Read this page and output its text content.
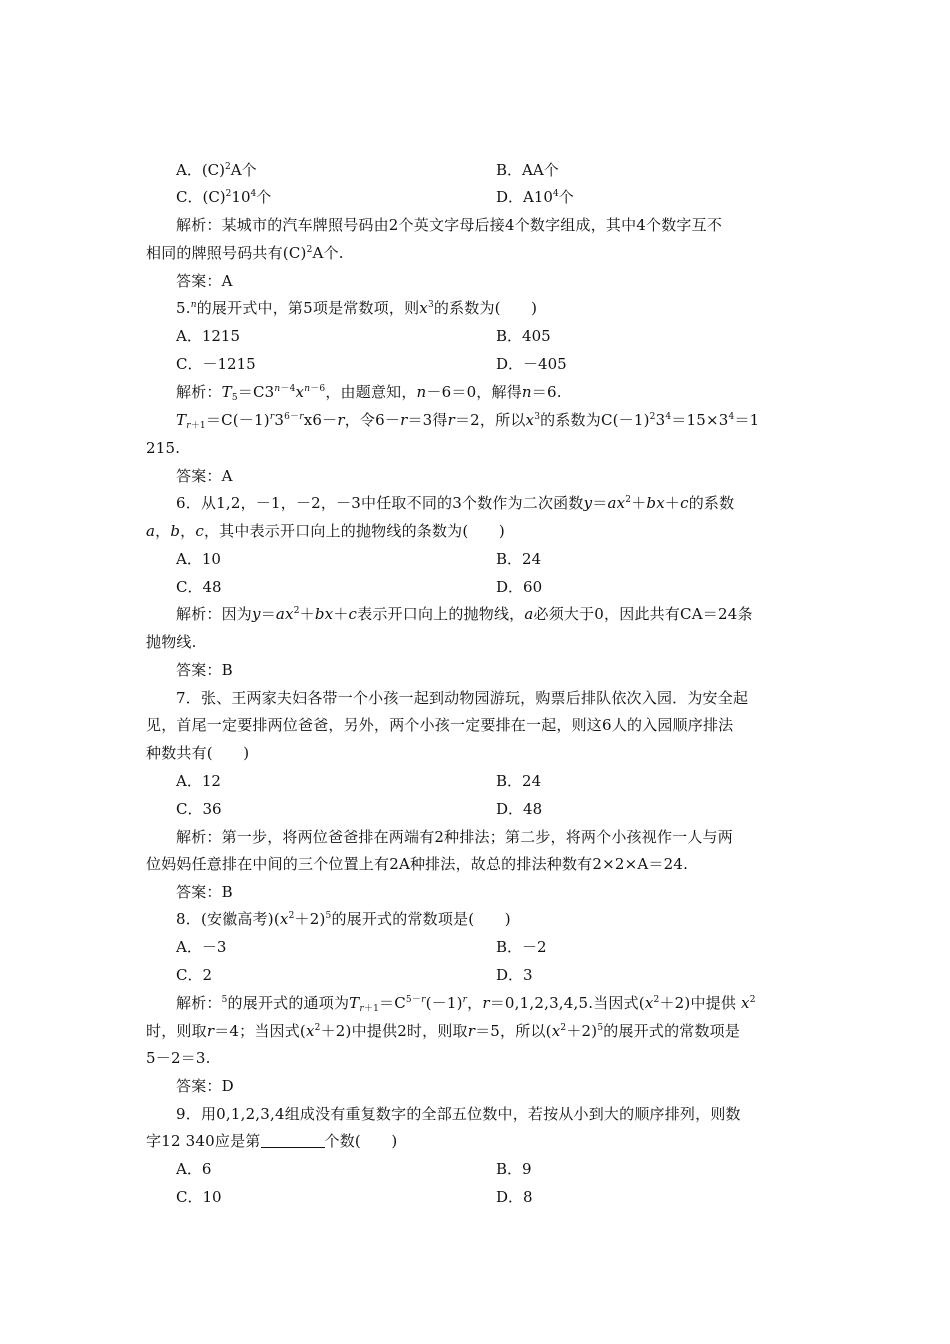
A．$(C)^2A$个	B．AA个
C．$(C)^210^4$个	D．$A10^4$个
解析：某城市的汽车牌照号码由2个英文字母后接4个数字组成，其中4个数字互不
相同的牌照号码共有$(C)^2A$个.
答案：A
5.$^n$的展开式中，第5项是常数项，则$x^3$的系数为(　　)
A．1215	B．405
C．－1215	D．－405
解析：$T_5=C3^{n-4}x^{n-6}$，由题意知，n－6＝0，解得n＝6.
$T_{r+1}=C(-1)^r3^{6-r}x6-r$，令6－r＝3得r＝2，所以$x^3$的系数为$C(-1)^23^4=15\times 3^4=1$
215.
答案：A
6．从1,2，－1，－2，－3中任取不同的3个数作为二次函数$y=ax^2+bx+c$的系数
a，b，c，其中表示开口向上的抛物线的条数为(　　)
A．10	B．24
C．48	D．60
解析：因为$y=ax^2+bx+c$表示开口向上的抛物线，a必须大于0，因此共有CA＝24条
抛物线.
答案：B
7．张、王两家夫妇各带一个小孩一起到动物园游玩，购票后排队依次入园．为安全起
见，首尾一定要排两位爸爸，另外，两个小孩一定要排在一起，则这6人的入园顺序排法
种数共有(　　)
A．12	B．24
C．36	D．48
解析：第一步，将两位爸爸排在两端有2种排法；第二步，将两个小孩视作一人与两
位妈妈任意排在中间的三个位置上有2A种排法，故总的排法种数有2×2×A＝24.
答案：B
8．(安徽高考)$(x^2+2)^5$的展开式的常数项是(　　)
A．－3	B．－2
C．2	D．3
解析：$^5$的展开式的通项为$T_{r+1}=C^{5-r}(-1)^r$，r＝0,1,2,3,4,5.当因式$(x^2+2)$中提供 $x^2$
时，则取r＝4；当因式$(x^2+2)$中提供2时，则取r＝5，所以$(x^2+2)^5$的展开式的常数项是
5－2＝3.
答案：D
9．用0,1,2,3,4组成没有重复数字的全部五位数中，若按从小到大的顺序排列，则数
字12 340应是第	个数(　　)
A．6	B．9
C．10	D．8
